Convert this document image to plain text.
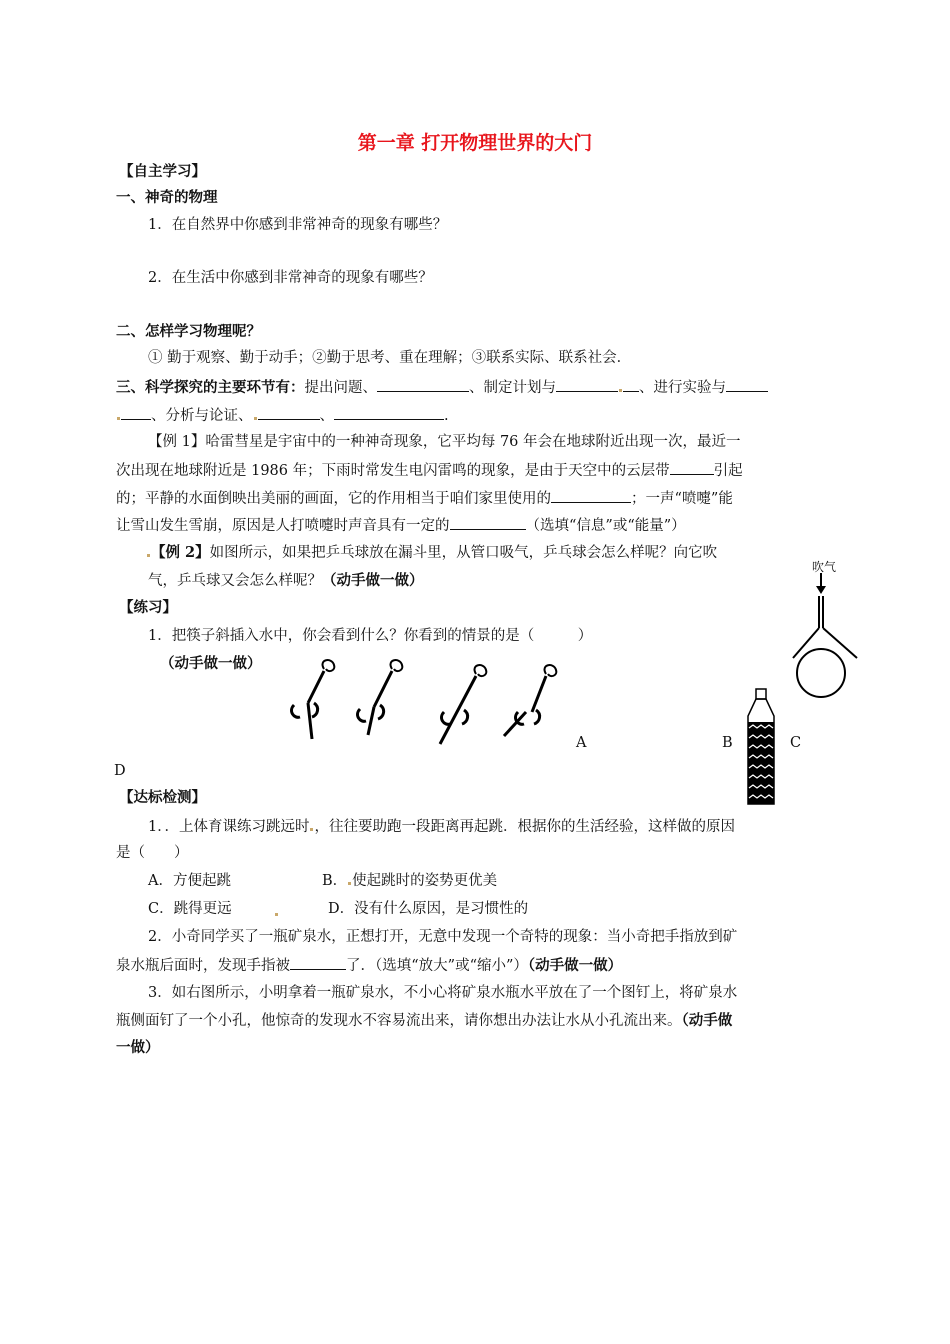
第一章 打开物理世界的大门
【自主学习】
一、神奇的物理
1．在自然界中你感到非常神奇的现象有哪些？
2．在生活中你感到非常神奇的现象有哪些？
二、怎样学习物理呢？
① 勤于观察、勤于动手；②勤于思考、重在理解；③联系实际、联系社会．
三、科学探究的主要环节有：提出问题、	、制定计划与	、进行实验与
、分析与论证、	、	.
【例 1】哈雷彗星是宇宙中的一种神奇现象，它平均每 76 年会在地球附近出现一次，最近一
次出现在地球附近是 1986 年；下雨时常发生电闪雷鸣的现象，是由于天空中的云层带	引起
的；平静的水面倒映出美丽的画面，它的作用相当于咱们家里使用的	；一声“喷嚏”能
让雪山发生雪崩，原因是人打喷嚏时声音具有一定的	（选填“信息”或“能量”）
【例 2】如图所示，如果把乒乓球放在漏斗里，从管口吸气，乒乓球会怎么样呢？向它吹
气，乒乓球又会怎么样呢？（动手做一做）
吹气
【练习】
1．把筷子斜插入水中，你会看到什么？你看到的情景的是（　　　）
（动手做一做）
A	B	C
D
【达标检测】
1．．上体育课练习跳远时 ，往往要助跑一段距离再起跳．根据你的生活经验，这样做的原因
是（　　）
A．方便起跳	B． 使起跳时的姿势更优美
C．跳得更远	D．没有什么原因，是习惯性的
2．小奇同学买了一瓶矿泉水，正想打开，无意中发现一个奇特的现象：当小奇把手指放到矿
泉水瓶后面时，发现手指被	了．（选填“放大”或“缩小”）（动手做一做）
3．如右图所示，小明拿着一瓶矿泉水，不小心将矿泉水瓶水平放在了一个图钉上，将矿泉水
瓶侧面钉了一个小孔，他惊奇的发现水不容易流出来，请你想出办法让水从小孔流出来。（动手做
一做）
